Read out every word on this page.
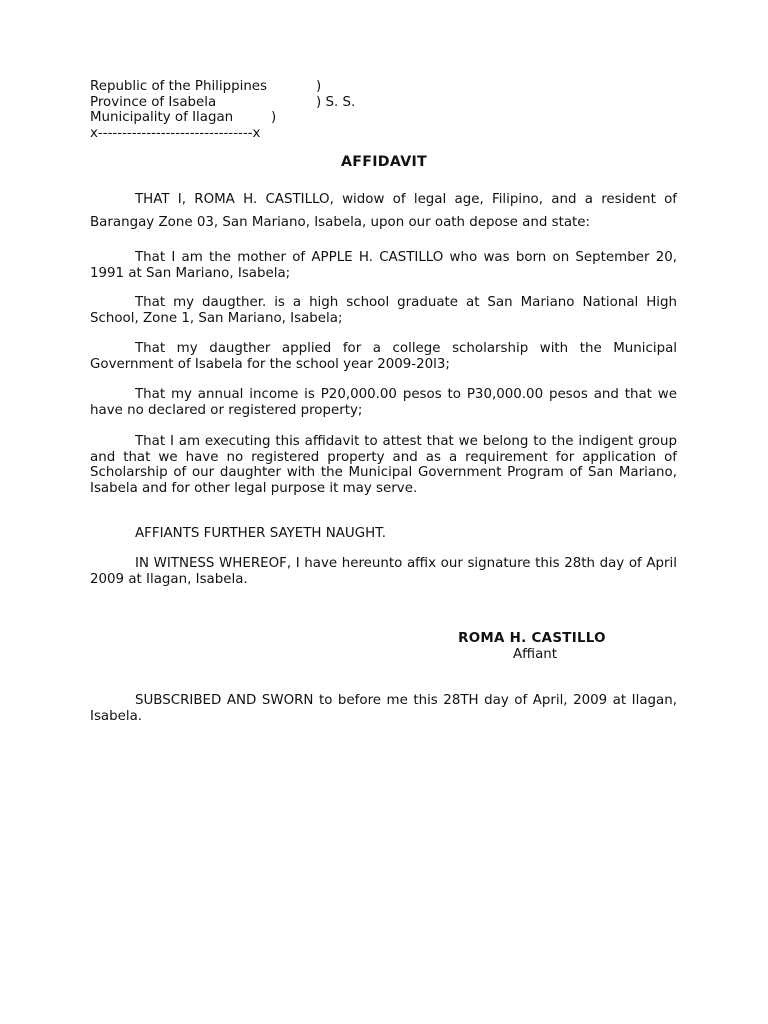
Republic of the Philippines	)
Province of Isabela	) S. S.
Municipality of Ilagan	)
x--------------------------------x
AFFIDAVIT
THAT I, ROMA H. CASTILLO, widow of legal age, Filipino, and a resident of Barangay Zone 03, San Mariano, Isabela, upon our oath depose and state:
That I am the mother of APPLE H. CASTILLO who was born on September 20, 1991 at San Mariano, Isabela;
That my daugther. is a high school graduate at San Mariano National High School, Zone 1, San Mariano, Isabela;
That my daugther applied for a college scholarship with the Municipal Government of Isabela for the school year 2009-20l3;
That my annual income is P20,000.00 pesos to P30,000.00 pesos and that we have no declared or registered property;
That I am executing this affidavit to attest that we belong to the indigent group and that we have no registered property and as a requirement for application of Scholarship of our daughter with the Municipal Government Program of San Mariano, Isabela and for other legal purpose it may serve.
AFFIANTS FURTHER SAYETH NAUGHT.
IN WITNESS WHEREOF, I have hereunto affix our signature this 28th day of April 2009 at Ilagan, Isabela.
SUBSCRIBED AND SWORN to before me this 28TH day of April, 2009 at Ilagan, Isabela.
ROMA H. CASTILLO
Affiant
